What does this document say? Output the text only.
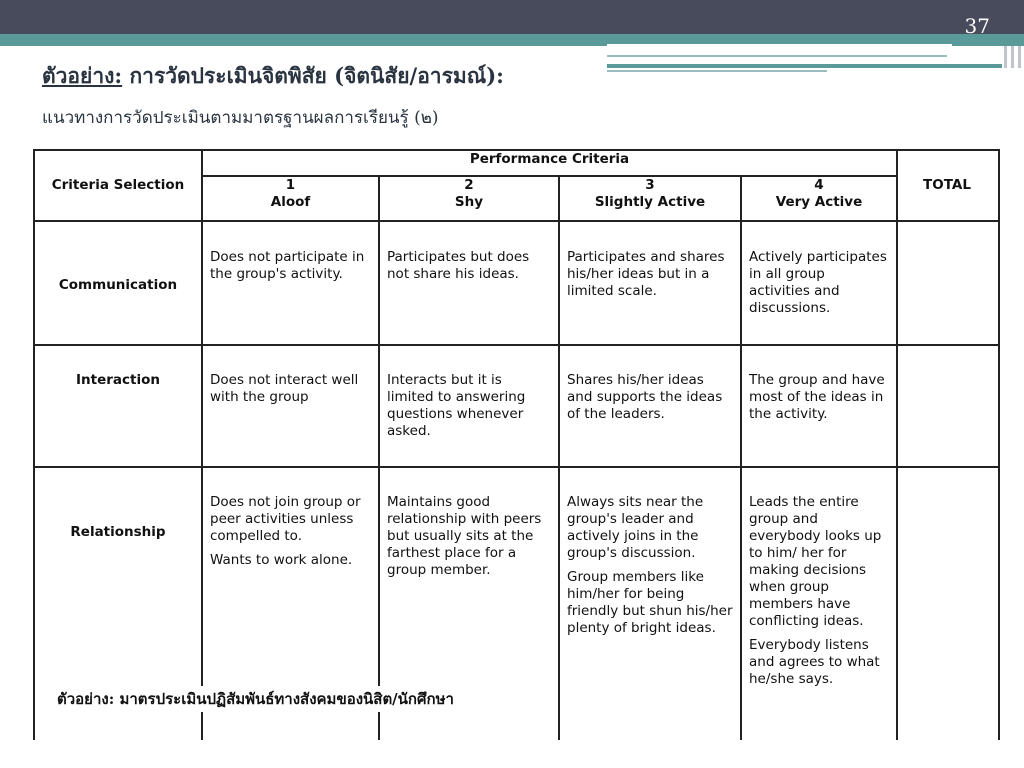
37
ตัวอย่าง: การวัดประเมินจิตพิสัย (จิตนิสัย/อารมณ์):
แนวทางการวัดประเมินตามมาตรฐานผลการเรียนรู้ (๒)
Criteria Selection
Performance Criteria
TOTAL
1
Aloof
2
Shy
3
Slightly Active
4
Very Active
Communication

Does not participate in the group's activity.

Participates but does not share his ideas.

Participates and shares his/her ideas but in a limited scale.

Actively participates in all group activities and discussions.

Interaction	Does not interact well with the group

Interacts but it is limited to answering questions whenever asked.

Shares his/her ideas and supports the ideas of the leaders.

The group and have most of the ideas in the activity.

Relationship

Does not join group or peer activities unless compelled to.

Wants to work alone.

Maintains good relationship with peers but usually sits at the farthest place for a group member.

Always sits near the group's leader and actively joins in the group's discussion.

Group members like him/her for being friendly but shun his/her plenty of bright ideas.

Leads the entire group and everybody looks up to him/ her for making decisions when group members have conflicting ideas.

Everybody listens and agrees to what he/she says.

ตัวอย่าง: มาตรประเมินปฏิสัมพันธ์ทางสังคมของนิสิต/นักศึกษา
